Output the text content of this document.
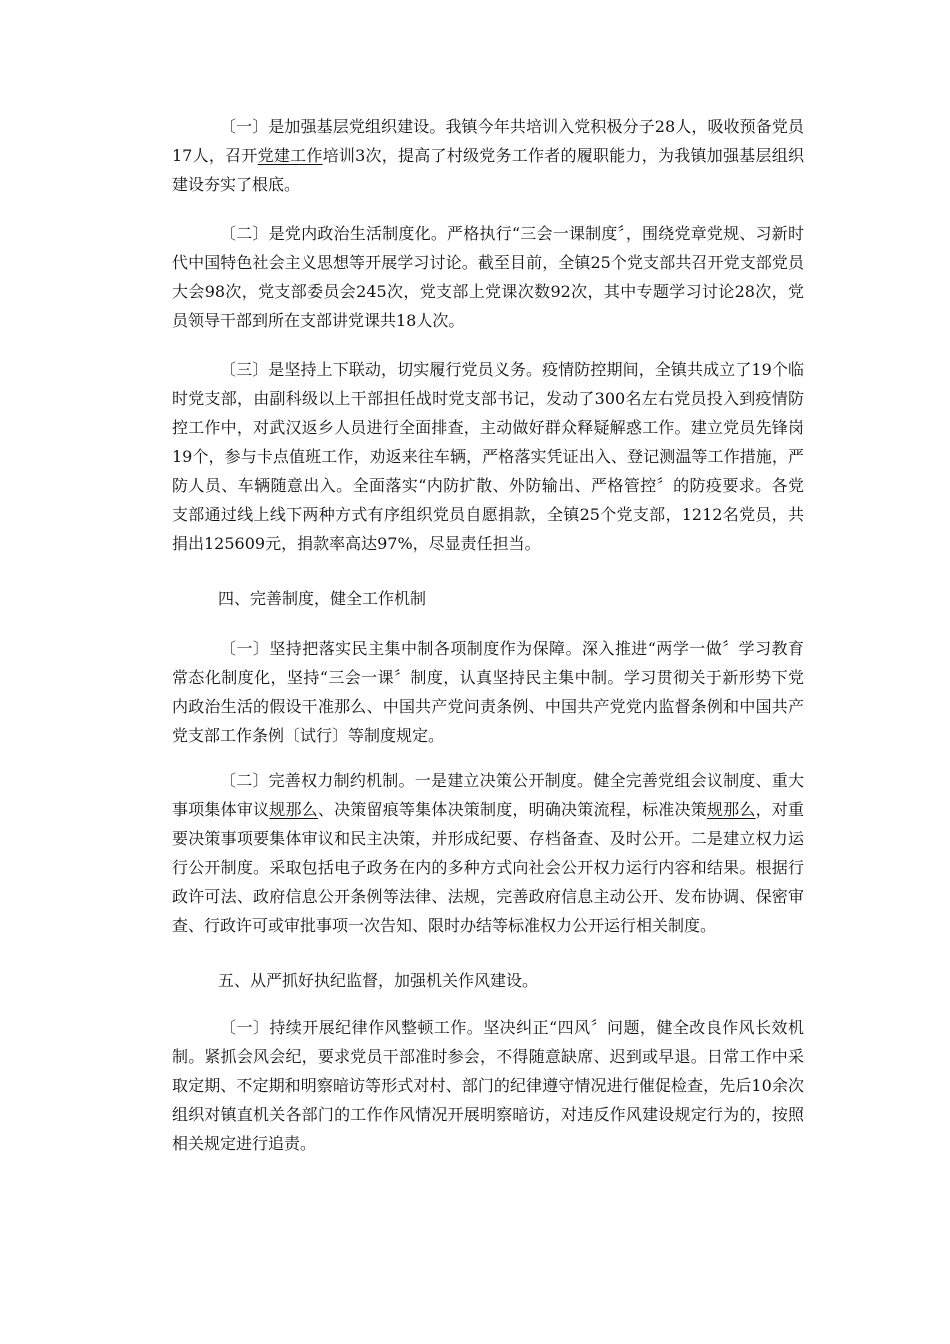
〔一〕是加强基层党组织建设。我镇今年共培训入党积极分子28人，吸收预备党员17人，召开党建工作培训3次，提高了村级党务工作者的履职能力，为我镇加强基层组织建设夯实了根底。

〔二〕是党内政治生活制度化。严格执行“三会一课制度〞，围绕党章党规、习新时代中国特色社会主义思想等开展学习讨论。截至目前，全镇25个党支部共召开党支部党员大会98次，党支部委员会245次，党支部上党课次数92次，其中专题学习讨论28次，党员领导干部到所在支部讲党课共18人次。

〔三〕是坚持上下联动，切实履行党员义务。疫情防控期间，全镇共成立了19个临时党支部，由副科级以上干部担任战时党支部书记，发动了300名左右党员投入到疫情防控工作中，对武汉返乡人员进行全面排查，主动做好群众释疑解惑工作。建立党员先锋岗19个，参与卡点值班工作，劝返来往车辆，严格落实凭证出入、登记测温等工作措施，严防人员、车辆随意出入。全面落实“内防扩散、外防输出、严格管控〞的防疫要求。各党支部通过线上线下两种方式有序组织党员自愿捐款，全镇25个党支部，1212名党员，共捐出125609元，捐款率高达97%，尽显责任担当。

四、完善制度，健全工作机制

〔一〕坚持把落实民主集中制各项制度作为保障。深入推进“两学一做〞学习教育常态化制度化，坚持“三会一课〞制度，认真坚持民主集中制。学习贯彻关于新形势下党内政治生活的假设干准那么、中国共产党问责条例、中国共产党党内监督条例和中国共产党支部工作条例〔试行〕等制度规定。

〔二〕完善权力制约机制。一是建立决策公开制度。健全完善党组会议制度、重大事项集体审议规那么、决策留痕等集体决策制度，明确决策流程，标准决策规那么，对重要决策事项要集体审议和民主决策，并形成纪要、存档备查、及时公开。二是建立权力运行公开制度。采取包括电子政务在内的多种方式向社会公开权力运行内容和结果。根据行政许可法、政府信息公开条例等法律、法规，完善政府信息主动公开、发布协调、保密审查、行政许可或审批事项一次告知、限时办结等标准权力公开运行相关制度。

五、从严抓好执纪监督，加强机关作风建设。

〔一〕持续开展纪律作风整顿工作。坚决纠正“四风〞问题，健全改良作风长效机制。紧抓会风会纪，要求党员干部准时参会，不得随意缺席、迟到或早退。日常工作中采取定期、不定期和明察暗访等形式对村、部门的纪律遵守情况进行催促检查，先后10余次组织对镇直机关各部门的工作作风情况开展明察暗访，对违反作风建设规定行为的，按照相关规定进行追责。
